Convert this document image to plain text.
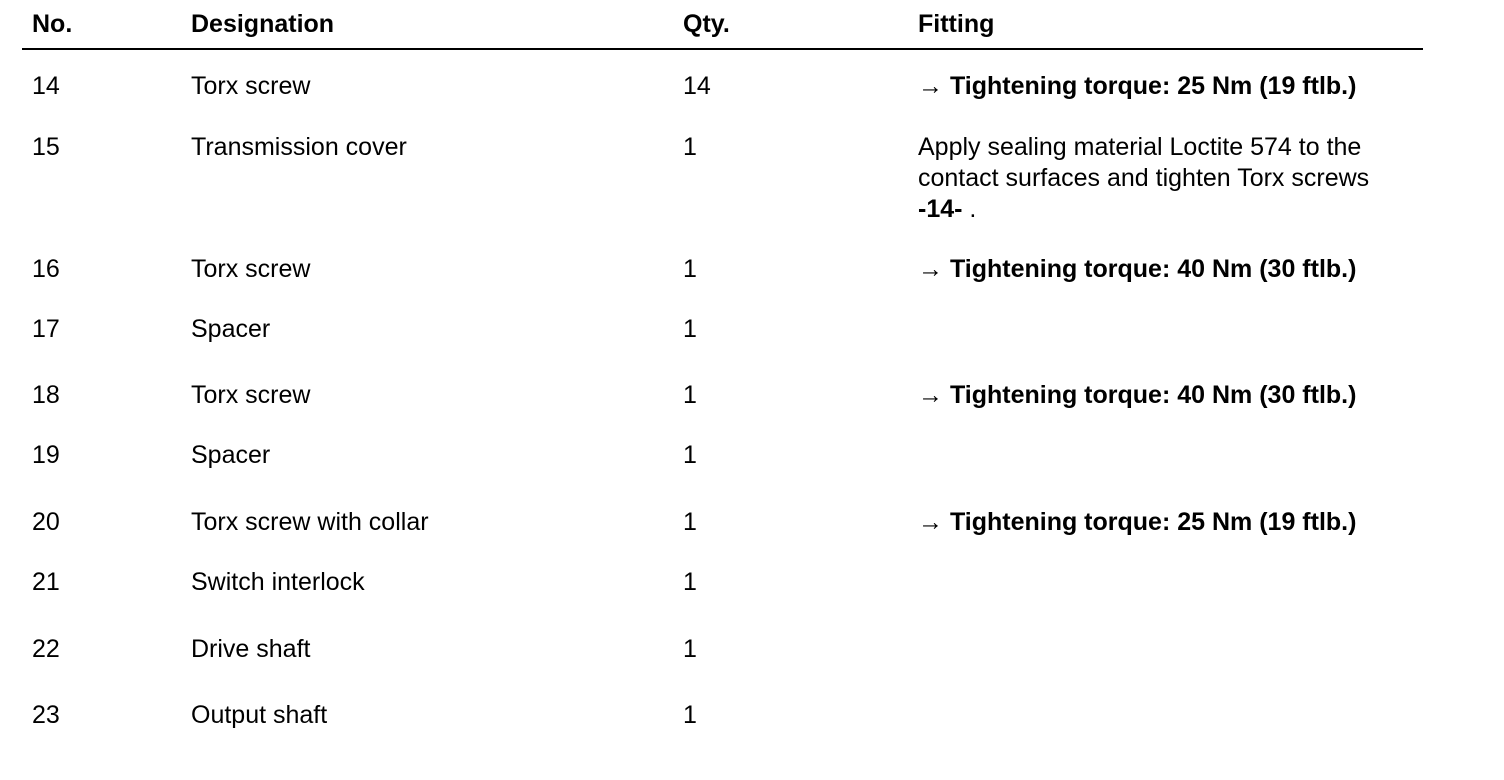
No.	Designation	Qty.	Fitting
14	Torx screw	14	→ Tightening torque: 25 Nm (19 ftlb.)
15	Transmission cover	1	Apply sealing material Loctite 574 to the contact surfaces and tighten Torx screws -14- .
16	Torx screw	1	→ Tightening torque: 40 Nm (30 ftlb.)
17	Spacer	1
18	Torx screw	1	→ Tightening torque: 40 Nm (30 ftlb.)
19	Spacer	1
20	Torx screw with collar	1	→ Tightening torque: 25 Nm (19 ftlb.)
21	Switch interlock	1
22	Drive shaft	1
23	Output shaft	1
